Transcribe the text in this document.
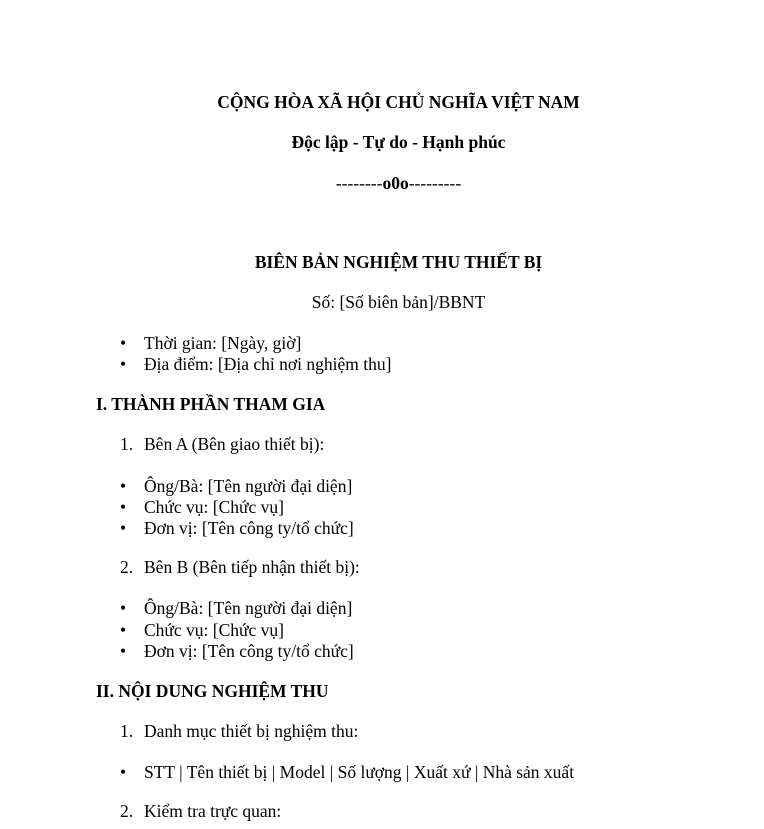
CỘNG HÒA XÃ HỘI CHỦ NGHĨA VIỆT NAM
Độc lập - Tự do - Hạnh phúc
--------o0o---------
BIÊN BẢN NGHIỆM THU THIẾT BỊ
Số: [Số biên bản]/BBNT
• Thời gian: [Ngày, giờ]
• Địa điểm: [Địa chỉ nơi nghiệm thu]
I. THÀNH PHẦN THAM GIA
1. Bên A (Bên giao thiết bị):
• Ông/Bà: [Tên người đại diện]
• Chức vụ: [Chức vụ]
• Đơn vị: [Tên công ty/tổ chức]
2. Bên B (Bên tiếp nhận thiết bị):
• Ông/Bà: [Tên người đại diện]
• Chức vụ: [Chức vụ]
• Đơn vị: [Tên công ty/tổ chức]
II. NỘI DUNG NGHIỆM THU
1. Danh mục thiết bị nghiệm thu:
• STT | Tên thiết bị | Model | Số lượng | Xuất xứ | Nhà sản xuất
2. Kiểm tra trực quan:
